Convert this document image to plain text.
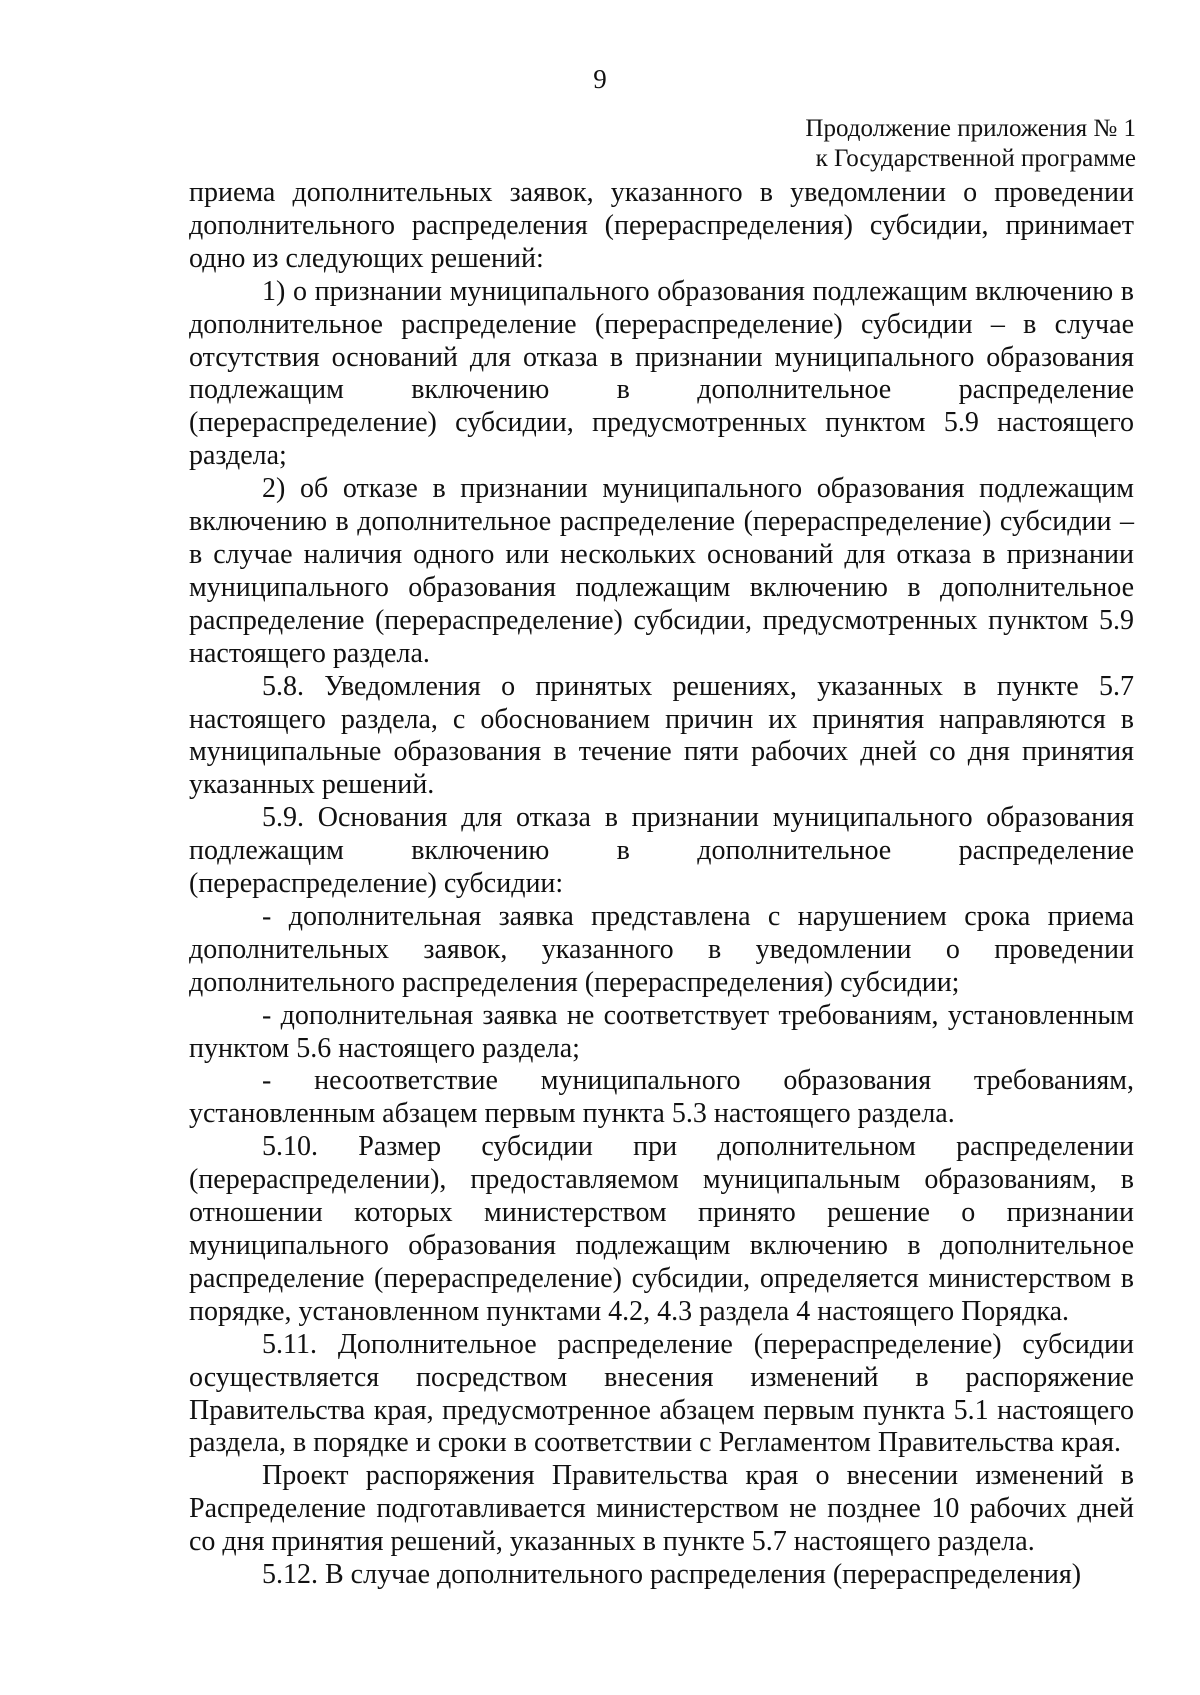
9
Продолжение приложения № 1
к Государственной программе

приема дополнительных заявок, указанного в уведомлении о проведении дополнительного распределения (перераспределения) субсидии, принимает одно из следующих решений:

1) о признании муниципального образования подлежащим включению в дополнительное распределение (перераспределение) субсидии – в случае отсутствия оснований для отказа в признании муниципального образования подлежащим включению в дополнительное распределение (перераспределение) субсидии, предусмотренных пунктом 5.9 настоящего раздела;

2) об отказе в признании муниципального образования подлежащим включению в дополнительное распределение (перераспределение) субсидии – в случае наличия одного или нескольких оснований для отказа в признании муниципального образования подлежащим включению в дополнительное распределение (перераспределение) субсидии, предусмотренных пунктом 5.9 настоящего раздела.

5.8. Уведомления о принятых решениях, указанных в пункте 5.7 настоящего раздела, с обоснованием причин их принятия направляются в муниципальные образования в течение пяти рабочих дней со дня принятия указанных решений.

5.9. Основания для отказа в признании муниципального образования подлежащим включению в дополнительное распределение (перераспределение) субсидии:

- дополнительная заявка представлена с нарушением срока приема дополнительных заявок, указанного в уведомлении о проведении дополнительного распределения (перераспределения) субсидии;

- дополнительная заявка не соответствует требованиям, установленным пунктом 5.6 настоящего раздела;

- несоответствие муниципального образования требованиям, установленным абзацем первым пункта 5.3 настоящего раздела.

5.10. Размер субсидии при дополнительном распределении (перераспределении), предоставляемом муниципальным образованиям, в отношении которых министерством принято решение о признании муниципального образования подлежащим включению в дополнительное распределение (перераспределение) субсидии, определяется министерством в порядке, установленном пунктами 4.2, 4.3 раздела 4 настоящего Порядка.

5.11. Дополнительное распределение (перераспределение) субсидии осуществляется посредством внесения изменений в распоряжение Правительства края, предусмотренное абзацем первым пункта 5.1 настоящего раздела, в порядке и сроки в соответствии с Регламентом Правительства края.

Проект распоряжения Правительства края о внесении изменений в Распределение подготавливается министерством не позднее 10 рабочих дней со дня принятия решений, указанных в пункте 5.7 настоящего раздела.

5.12. В случае дополнительного распределения (перераспределения)
